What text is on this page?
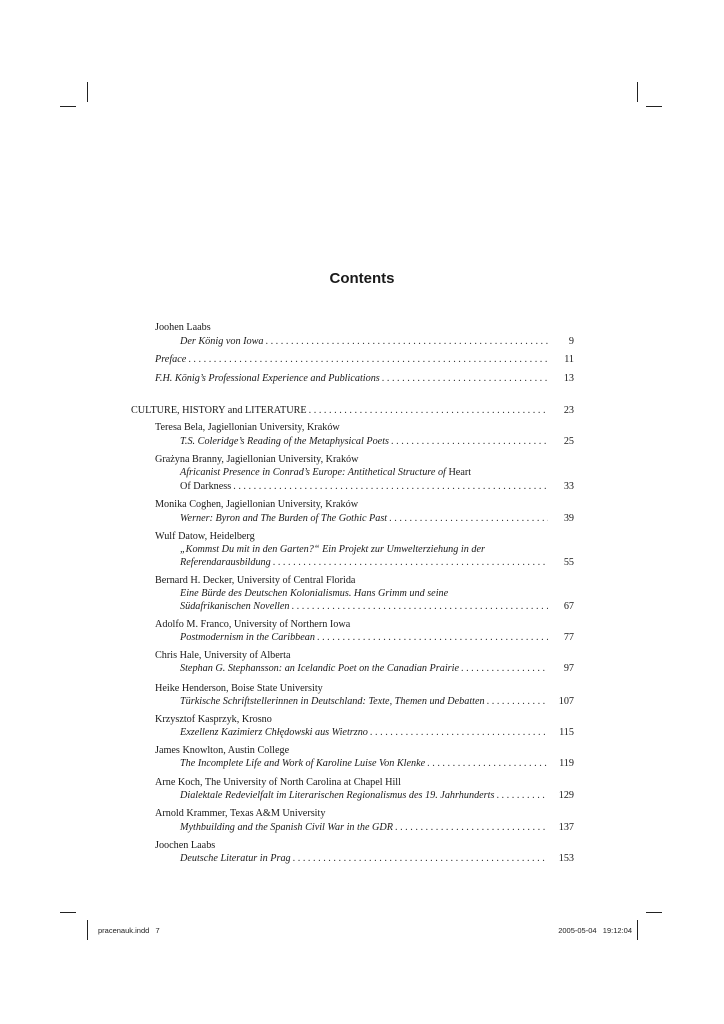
Contents
Joohen Laabs
Der König von Iowa . . .	9
Preface . . .	11
F.H. König’s Professional Experience and Publications . . .	13
CULTURE, HISTORY and LITERATURE . . .	23
Teresa Bela, Jagiellonian University, Kraków
T.S. Coleridge’s Reading of the Metaphysical Poets . . .	25
Grażyna Branny, Jagiellonian University, Kraków
Africanist Presence in Conrad’s Europe: Antithetical Structure of Heart
Of Darkness . . .	33
Monika Coghen, Jagiellonian University, Kraków
Werner: Byron and The Burden of The Gothic Past . . .	39
Wulf Datow, Heidelberg
„Kommst Du mit in den Garten?“ Ein Projekt zur Umwelterziehung in der
Referendarausbildung . . .	55
Bernard H. Decker, University of Central Florida
Eine Bürde des Deutschen Kolonialismus. Hans Grimm und seine
Südafrikanischen Novellen . . .	67
Adolfo M. Franco, University of Northern Iowa
Postmodernism in the Caribbean . . .	77
Chris Hale, University of Alberta
Stephan G. Stephansson: an Icelandic Poet on the Canadian Prairie . . .	97
Heike Henderson, Boise State University
Türkische Schriftstellerinnen in Deutschland: Texte, Themen und Debatten . . .	107
Krzysztof Kasprzyk, Krosno
Exzellenz Kazimierz Chłędowski aus Wietrzno . . .	115
James Knowlton, Austin College
The Incomplete Life and Work of Karoline Luise Von Klenke . . .	119
Arne Koch, The University of North Carolina at Chapel Hill
Dialektale Redevielfalt im Literarischen Regionalismus des 19. Jahrhunderts . . .	129
Arnold Krammer, Texas A&M University
Mythbuilding and the Spanish Civil War in the GDR . . .	137
Joochen Laabs
Deutsche Literatur in Prag . . .	153
pracenauk.indd   7	2005-05-04   19:12:04
